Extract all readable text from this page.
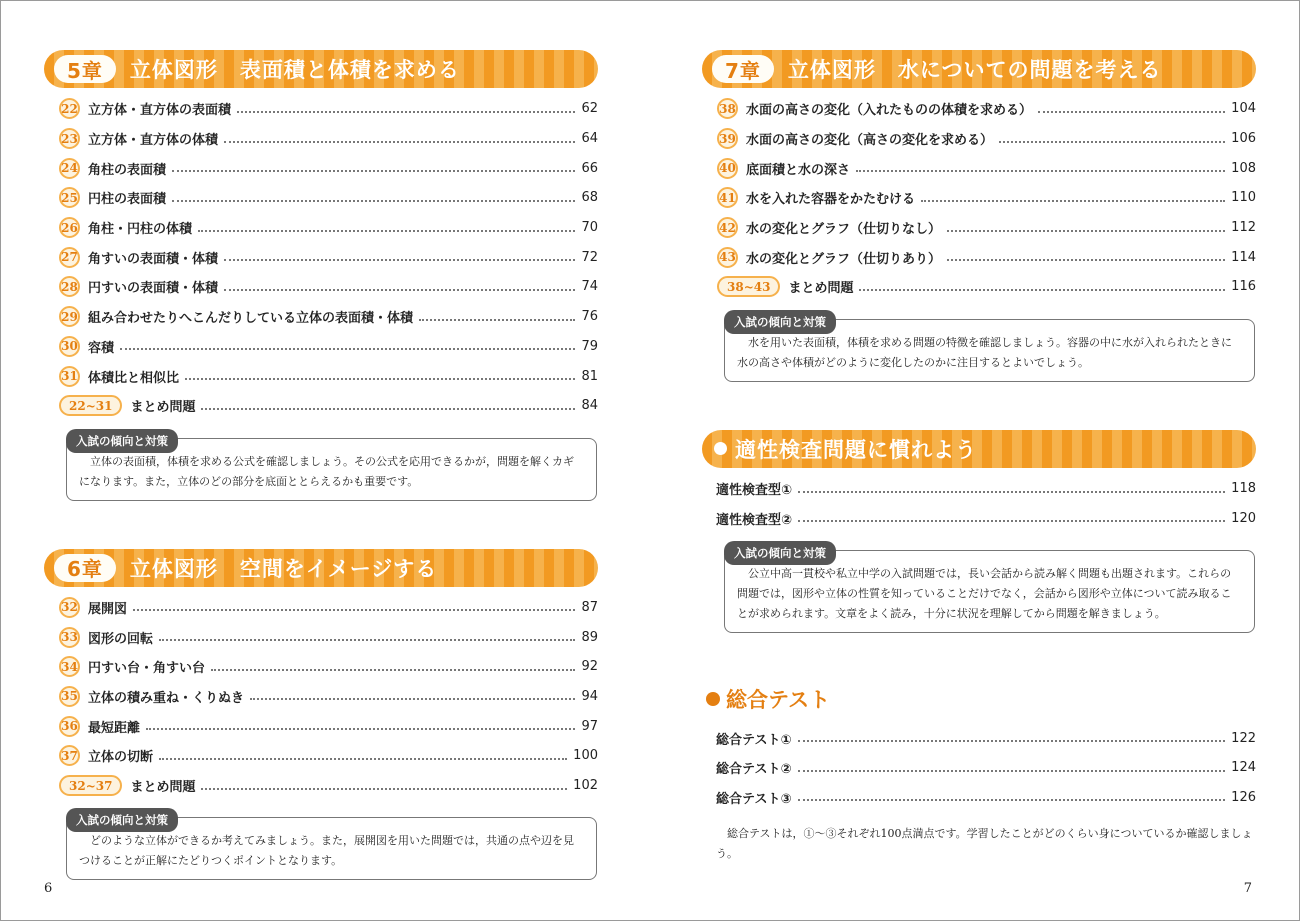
5章	立体図形　表面積と体積を求める
22 立方体・直方体の表面積	62
23 立方体・直方体の体積	64
24 角柱の表面積	66
25 円柱の表面積	68
26 角柱・円柱の体積	70
27 角すいの表面積・体積	72
28 円すいの表面積・体積	74
29 組み合わせたりへこんだりしている立体の表面積・体積	76
30 容積	79
31 体積比と相似比	81
22~31	まとめ問題	84
入試の傾向と対策

立体の表面積，体積を求める公式を確認しましょう。その公式を応用できるかが，問題を解くカギになります。また，立体のどの部分を底面ととらえるかも重要です。

6章	立体図形　空間をイメージする
32 展開図	87
33 図形の回転	89
34 円すい台・角すい台	92
35 立体の積み重ね・くりぬき	94
36 最短距離	97
37 立体の切断	100
32~37	まとめ問題	102
入試の傾向と対策

どのような立体ができるか考えてみましょう。また，展開図を用いた問題では，共通の点や辺を見つけることが正解にたどりつくポイントとなります。

7章	立体図形　水についての問題を考える
38 水面の高さの変化（入れたものの体積を求める）	104
39 水面の高さの変化（高さの変化を求める）	106
40 底面積と水の深さ	108
41 水を入れた容器をかたむける	110
42 水の変化とグラフ（仕切りなし）	112
43 水の変化とグラフ（仕切りあり）	114
38~43	まとめ問題	116
入試の傾向と対策

水を用いた表面積，体積を求める問題の特徴を確認しましょう。容器の中に水が入れられたときに水の高さや体積がどのように変化したのかに注目するとよいでしょう。

適性検査問題に慣れよう
適性検査型①	118
適性検査型②	120
入試の傾向と対策

公立中高一貫校や私立中学の入試問題では，長い会話から読み解く問題も出題されます。これらの問題では，図形や立体の性質を知っていることだけでなく，会話から図形や立体について読み取ることが求められます。文章をよく読み，十分に状況を理解してから問題を解きましょう。

総合テスト
総合テスト①	122
総合テスト②	124
総合テスト③	126

総合テストは，①～③それぞれ100点満点です。学習したことがどのくらい身についているか確認しましょう。

6	7
